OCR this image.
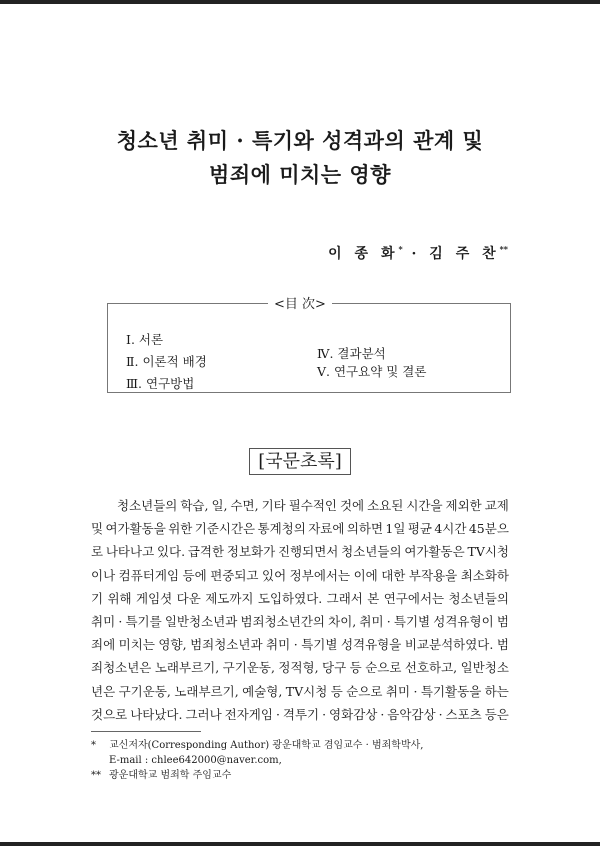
청소년 취미 · 특기와 성격과의 관계 및
범죄에 미치는 영향
이 종 화* · 김 주 찬**
<目 次>
Ⅰ. 서론
Ⅱ. 이론적 배경
Ⅲ. 연구방법
Ⅳ. 결과분석
Ⅴ. 연구요약 및 결론
[국문초록]
청소년들의 학습, 일, 수면, 기타 필수적인 것에 소요된 시간을 제외한 교제
및 여가활동을 위한 기준시간은 통계청의 자료에 의하면 1일 평균 4시간 45분으
로 나타나고 있다. 급격한 정보화가 진행되면서 청소년들의 여가활동은 TV시청
이나 컴퓨터게임 등에 편중되고 있어 정부에서는 이에 대한 부작용을 최소화하
기 위해 게임셧 다운 제도까지 도입하였다. 그래서 본 연구에서는 청소년들의
취미 · 특기를 일반청소년과 범죄청소년간의 차이, 취미 · 특기별 성격유형이 범
죄에 미치는 영향, 범죄청소년과 취미 · 특기별 성격유형을 비교분석하였다. 범
죄청소년은 노래부르기, 구기운동, 정적형, 당구 등 순으로 선호하고, 일반청소
년은 구기운동, 노래부르기, 예술형, TV시청 등 순으로 취미 · 특기활동을 하는
것으로 나타났다. 그러나 전자게임 · 격투기 · 영화감상 · 음악감상 · 스포츠 등은
* 교신저자(Corresponding Author) 광운대학교 겸임교수 · 범죄학박사,
E-mail : chlee642000@naver.com,
** 광운대학교 범죄학 주임교수
